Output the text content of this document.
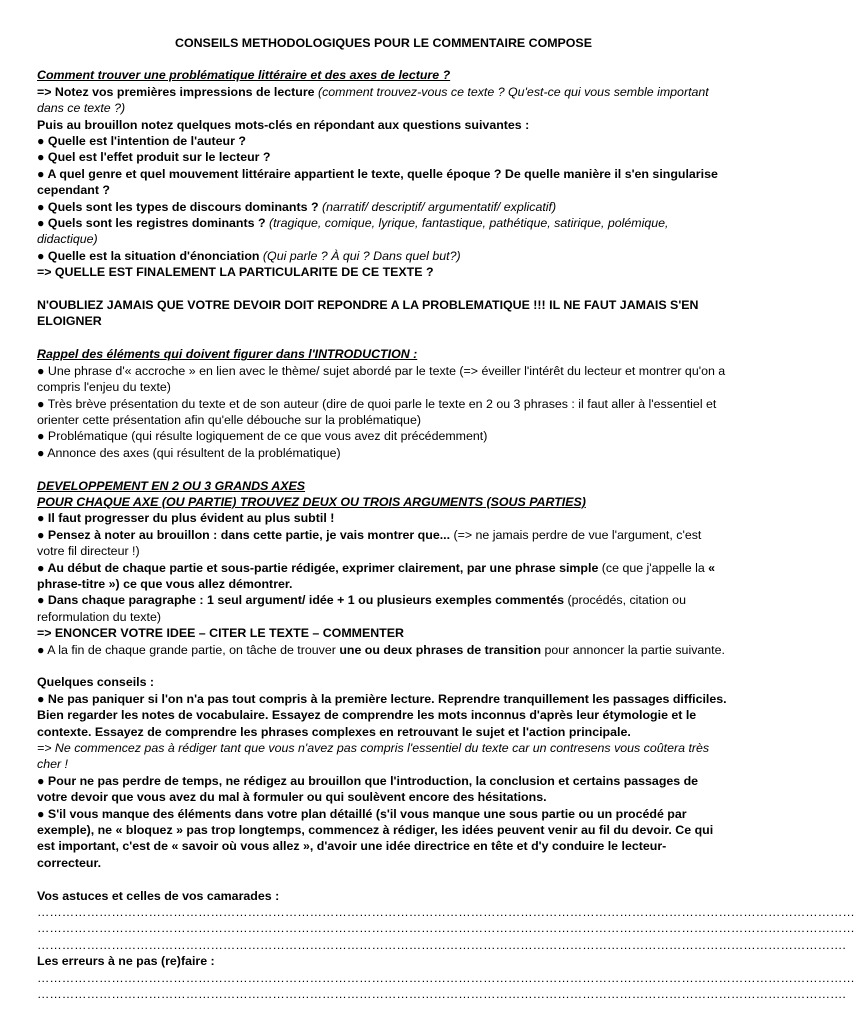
CONSEILS METHODOLOGIQUES POUR LE COMMENTAIRE COMPOSE

Comment trouver une problématique littéraire et des axes de lecture ?

=> Notez vos premières impressions de lecture (comment trouvez-vous ce texte ? Qu'est-ce qui vous semble important dans ce texte ?)

Puis au brouillon notez quelques mots-clés en répondant aux questions suivantes :

● Quelle est l'intention de l'auteur ?

● Quel est l'effet produit sur le lecteur ?

● A quel genre et quel mouvement littéraire appartient le texte, quelle époque ? De quelle manière il s'en singularise cependant ?

● Quels sont les types de discours dominants ? (narratif/ descriptif/ argumentatif/ explicatif)

● Quels sont les registres dominants ? (tragique, comique, lyrique, fantastique, pathétique, satirique, polémique, didactique)

● Quelle est la situation d'énonciation (Qui parle ? À qui ? Dans quel but?)

=> QUELLE EST FINALEMENT LA PARTICULARITE DE CE TEXTE ?

N'OUBLIEZ JAMAIS QUE VOTRE DEVOIR DOIT REPONDRE A LA PROBLEMATIQUE !!! IL NE FAUT JAMAIS S'EN ELOIGNER

Rappel des éléments qui doivent figurer dans l'INTRODUCTION :

● Une phrase d'« accroche » en lien avec le thème/ sujet abordé par le texte (=> éveiller l'intérêt du lecteur et montrer qu'on a compris l'enjeu du texte)

● Très brève présentation du texte et de son auteur (dire de quoi parle le texte en 2 ou 3 phrases : il faut aller à l'essentiel et orienter cette présentation afin qu'elle débouche sur la problématique)

● Problématique (qui résulte logiquement de ce que vous avez dit précédemment)

● Annonce des axes (qui résultent de la problématique)

DEVELOPPEMENT EN 2 OU 3 GRANDS AXES

POUR CHAQUE AXE (OU PARTIE) TROUVEZ DEUX OU TROIS ARGUMENTS (SOUS PARTIES)

● Il faut progresser du plus évident au plus subtil !

● Pensez à noter au brouillon : dans cette partie, je vais montrer que... (=> ne jamais perdre de vue l'argument, c'est votre fil directeur !)

● Au début de chaque partie et sous-partie rédigée, exprimer clairement, par une phrase simple (ce que j'appelle la « phrase-titre ») ce que vous allez démontrer.

● Dans chaque paragraphe : 1 seul argument/ idée + 1 ou plusieurs exemples commentés (procédés, citation ou reformulation du texte)

=> ENONCER VOTRE IDEE – CITER LE TEXTE – COMMENTER

● A la fin de chaque grande partie, on tâche de trouver une ou deux phrases de transition pour annoncer la partie suivante.

Quelques conseils :

● Ne pas paniquer si l'on n'a pas tout compris à la première lecture. Reprendre tranquillement les passages difficiles. Bien regarder les notes de vocabulaire. Essayez de comprendre les mots inconnus d'après leur étymologie et le contexte. Essayez de comprendre les phrases complexes en retrouvant le sujet et l'action principale.

=> Ne commencez pas à rédiger tant que vous n'avez pas compris l'essentiel du texte car un contresens vous coûtera très cher !

● Pour ne pas perdre de temps, ne rédigez au brouillon que l'introduction, la conclusion et certains passages de votre devoir que vous avez du mal à formuler ou qui soulèvent encore des hésitations.

● S'il vous manque des éléments dans votre plan détaillé (s'il vous manque une sous partie ou un procédé par exemple), ne « bloquez » pas trop longtemps, commencez à rédiger, les idées peuvent venir au fil du devoir. Ce qui est important, c'est de « savoir où vous allez », d'avoir une idée directrice en tête et d'y conduire le lecteur-correcteur.

Vos astuces et celles de vos camarades :

………………………………………………………………………………………………………………………………………………………………………………

………………………………………………………………………………………………………………………………………………………………………………

…………………………………………………………………………………………………………………………………………………………………………….

Les erreurs à ne pas (re)faire :

………………………………………………………………………………………………………………………………………………………………………………

…………………………………………………………………………………………………………………………………………………………………………….
